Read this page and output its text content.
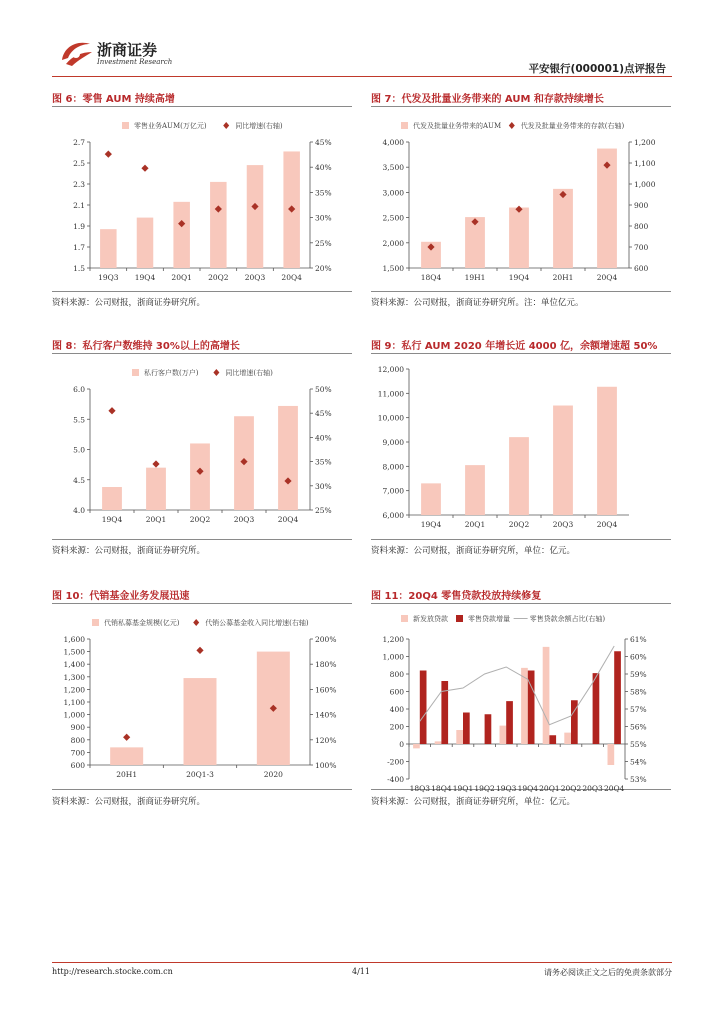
浙商证券
Investment Research
平安银行(000001)点评报告
图 6：零售 AUM 持续高增
资料来源：公司财报，浙商证券研究所。
图 7：代发及批量业务带来的 AUM 和存款持续增长
资料来源：公司财报，浙商证券研究所。注：单位亿元。
图 8：私行客户数维持 30%以上的高增长
资料来源：公司财报，浙商证券研究所。
图 9：私行 AUM 2020 年增长近 4000 亿，余额增速超 50%
资料来源：公司财报，浙商证券研究所，单位：亿元。
图 10：代销基金业务发展迅速
资料来源：公司财报，浙商证券研究所。
图 11：20Q4 零售贷款投放持续修复
资料来源：公司财报，浙商证券研究所，单位：亿元。
1.5
1.7
1.9
2.1
2.3
2.5
2.7
20%
25%
30%
35%
40%
45%
19Q3 19Q4 20Q1 20Q2 20Q3 20Q4
零售业务AUM(万亿元)	同比增速(右轴)
1,500
2,000
2,500
3,000
3,500
4,000
600
700
800
900
1,000
1,100
1,200
18Q4	19H1	19Q4	20H1	20Q4
代发及批量业务带来的AUM	代发及批量业务带来的存款(右轴)
4.0
4.5
5.0
5.5
6.0
25%
30%
35%
40%
45%
50%
19Q4	20Q1	20Q2	20Q3	20Q4
私行客户数(万户)	同比增速(右轴)
6,000
7,000
8,000
9,000
10,000
11,000
12,000
19Q4	20Q1	20Q2	20Q3	20Q4
600
700
800
900
1,000
1,100
1,200
1,300
1,400
1,500
1,600
100%
120%
140%
160%
180%
200%
20H1	20Q1-3	2020
代销私募基金规模(亿元)	代销公募基金收入同比增速(右轴)
-400
-200
0
200
400
600
800
1,000
1,200
53%
54%
55%
56%
57%
58%
59%
60%
61%
18Q3 18Q4 19Q1 19Q2 19Q3 19Q4 20Q1 20Q2 20Q3 20Q4
新发放贷款	零售贷款增量	零售贷款余额占比(右轴)
http://research.stocke.com.cn	4/11	请务必阅读正文之后的免责条款部分
